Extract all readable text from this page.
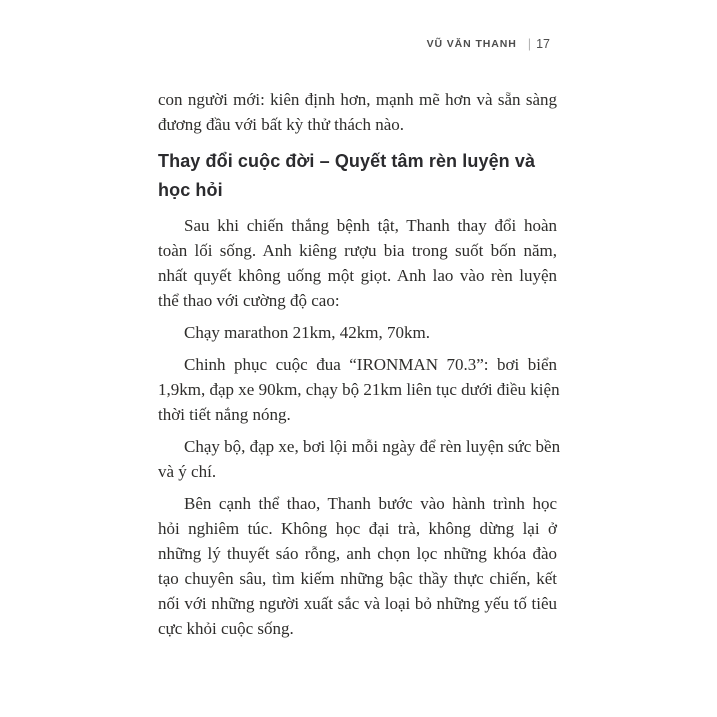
VŨ VĂN THANH | 17

con người mới: kiên định hơn, mạnh mẽ hơn và sẵn sàng
đương đầu với bất kỳ thử thách nào.

Thay đổi cuộc đời – Quyết tâm rèn luyện và
học hỏi

Sau khi chiến thắng bệnh tật, Thanh thay đổi hoàn
toàn lối sống. Anh kiêng rượu bia trong suốt bốn năm,
nhất quyết không uống một giọt. Anh lao vào rèn luyện
thể thao với cường độ cao:

Chạy marathon 21km, 42km, 70km.

Chinh phục cuộc đua “IRONMAN 70.3”: bơi biển
1,9km, đạp xe 90km, chạy bộ 21km liên tục dưới điều kiện
thời tiết nắng nóng.

Chạy bộ, đạp xe, bơi lội mỗi ngày để rèn luyện sức bền
và ý chí.

Bên cạnh thể thao, Thanh bước vào hành trình học
hỏi nghiêm túc. Không học đại trà, không dừng lại ở
những lý thuyết sáo rỗng, anh chọn lọc những khóa đào
tạo chuyên sâu, tìm kiếm những bậc thầy thực chiến, kết
nối với những người xuất sắc và loại bỏ những yếu tố tiêu
cực khỏi cuộc sống.
